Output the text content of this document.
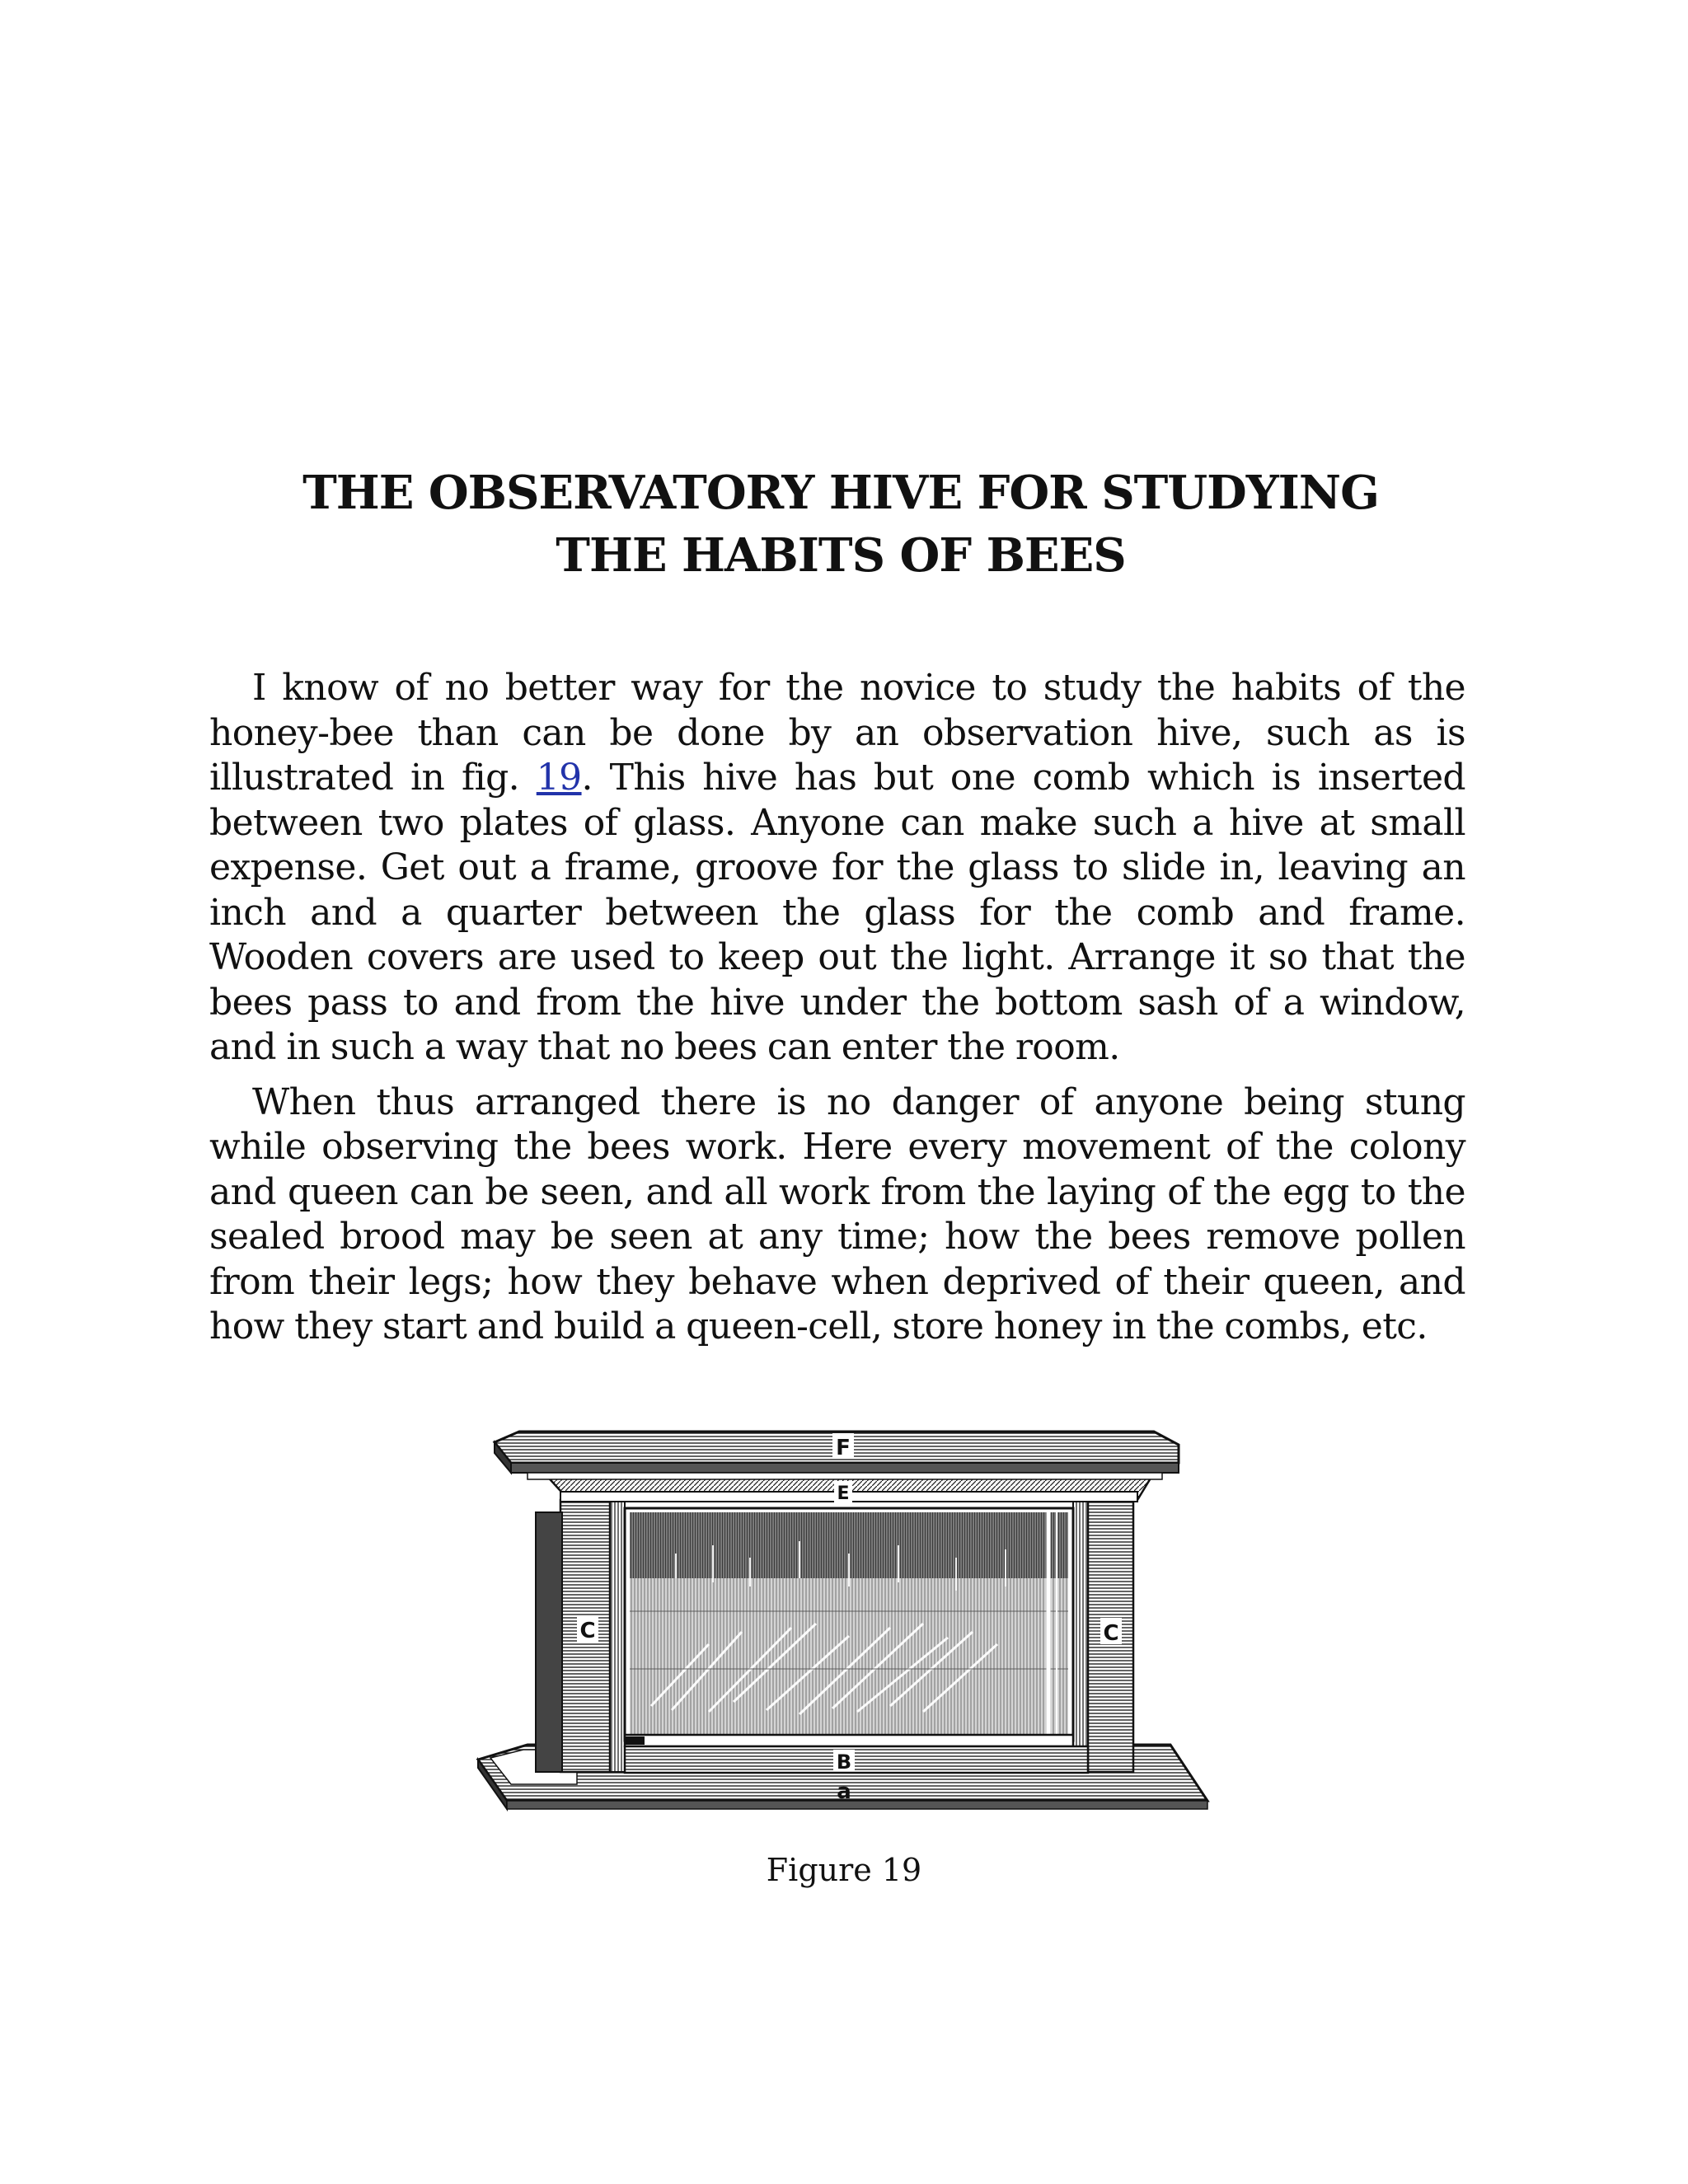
THE OBSERVATORY HIVE FOR STUDYING
THE HABITS OF BEES

I know of no better way for the novice to study the habits of the honey-bee than can be done by an observation hive, such as is illustrated in fig. 19. This hive has but one comb which is inserted between two plates of glass. Anyone can make such a hive at small expense. Get out a frame, groove for the glass to slide in, leaving an inch and a quarter between the glass for the comb and frame. Wooden covers are used to keep out the light. Arrange it so that the bees pass to and from the hive under the bottom sash of a window, and in such a way that no bees can enter the room.

When thus arranged there is no danger of anyone being stung while observing the bees work. Here every movement of the colony and queen can be seen, and all work from the laying of the egg to the sealed brood may be seen at any time; how the bees remove pollen from their legs; how they behave when deprived of their queen, and how they start and build a queen-cell, store honey in the combs, etc.

F
E
C	C
B
a

Figure 19
